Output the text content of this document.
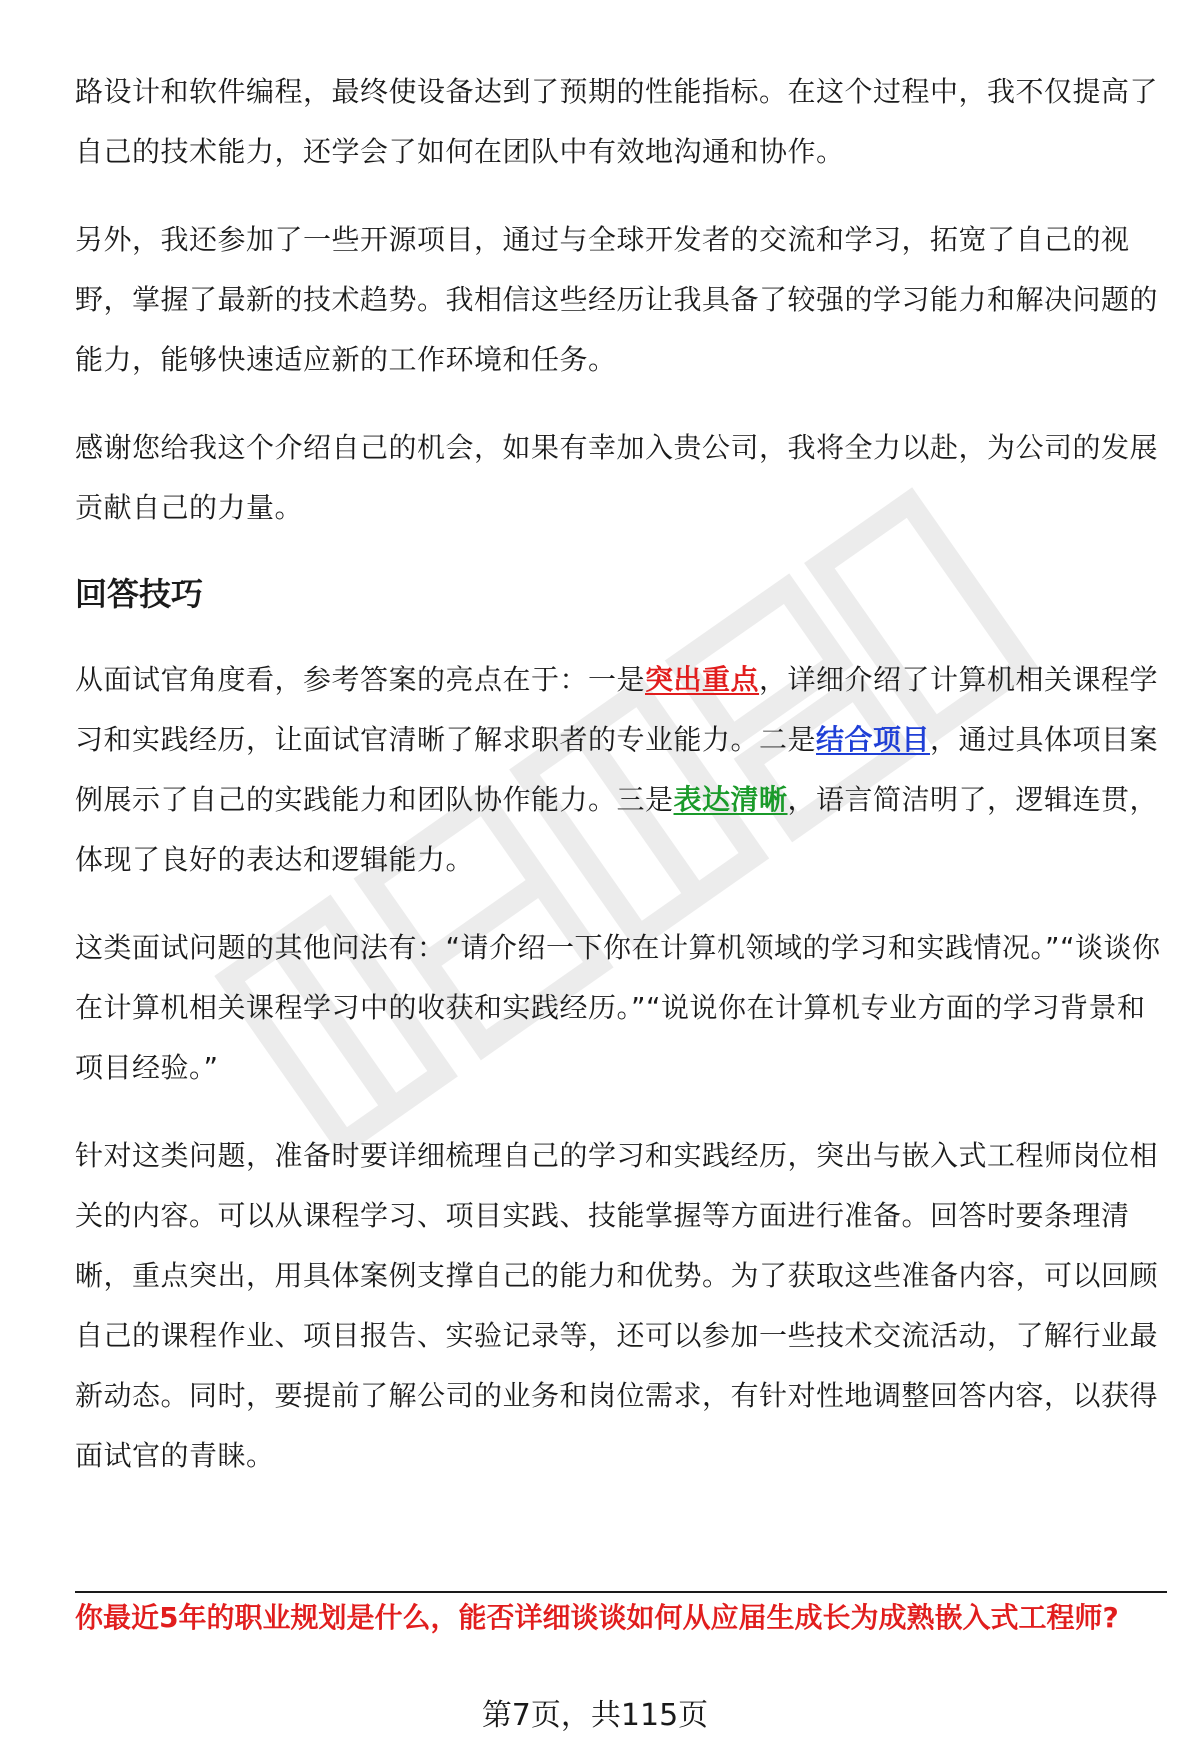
路设计和软件编程，最终使设备达到了预期的性能指标。在这个过程中，我不仅提高了自己的技术能力，还学会了如何在团队中有效地沟通和协作。

另外，我还参加了一些开源项目，通过与全球开发者的交流和学习，拓宽了自己的视野，掌握了最新的技术趋势。我相信这些经历让我具备了较强的学习能力和解决问题的能力，能够快速适应新的工作环境和任务。

感谢您给我这个介绍自己的机会，如果有幸加入贵公司，我将全力以赴，为公司的发展贡献自己的力量。

回答技巧

从面试官角度看，参考答案的亮点在于：一是突出重点，详细介绍了计算机相关课程学习和实践经历，让面试官清晰了解求职者的专业能力。二是结合项目，通过具体项目案例展示了自己的实践能力和团队协作能力。三是表达清晰，语言简洁明了，逻辑连贯，体现了良好的表达和逻辑能力。

这类面试问题的其他问法有：“请介绍一下你在计算机领域的学习和实践情况。”“谈谈你在计算机相关课程学习中的收获和实践经历。”“说说你在计算机专业方面的学习背景和项目经验。”

针对这类问题，准备时要详细梳理自己的学习和实践经历，突出与嵌入式工程师岗位相关的内容。可以从课程学习、项目实践、技能掌握等方面进行准备。回答时要条理清晰，重点突出，用具体案例支撑自己的能力和优势。为了获取这些准备内容，可以回顾自己的课程作业、项目报告、实验记录等，还可以参加一些技术交流活动，了解行业最新动态。同时，要提前了解公司的业务和岗位需求，有针对性地调整回答内容，以获得面试官的青睐。

你最近5年的职业规划是什么，能否详细谈谈如何从应届生成长为成熟嵌入式工程师?

第7页，共115页
